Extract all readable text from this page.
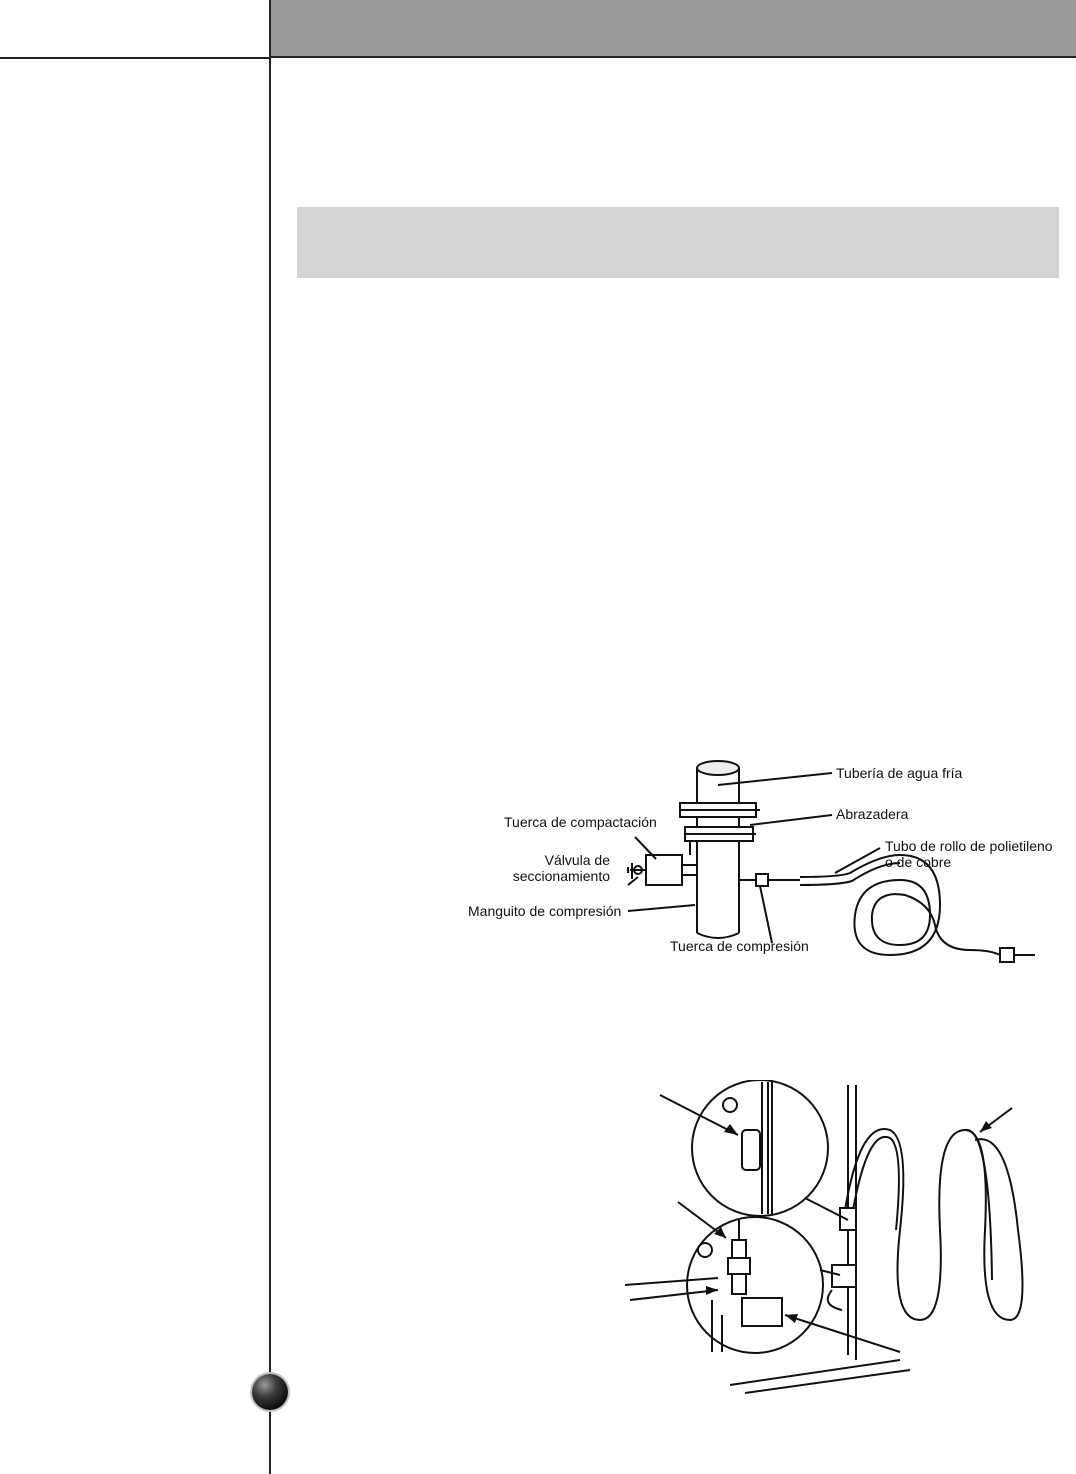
Tubería de agua fría
Abrazadera
Tubo de rollo de polietileno
o de cobre
Tuerca de compactación
Válvula de
seccionamiento
Manguito de compresión
Tuerca de compresión
